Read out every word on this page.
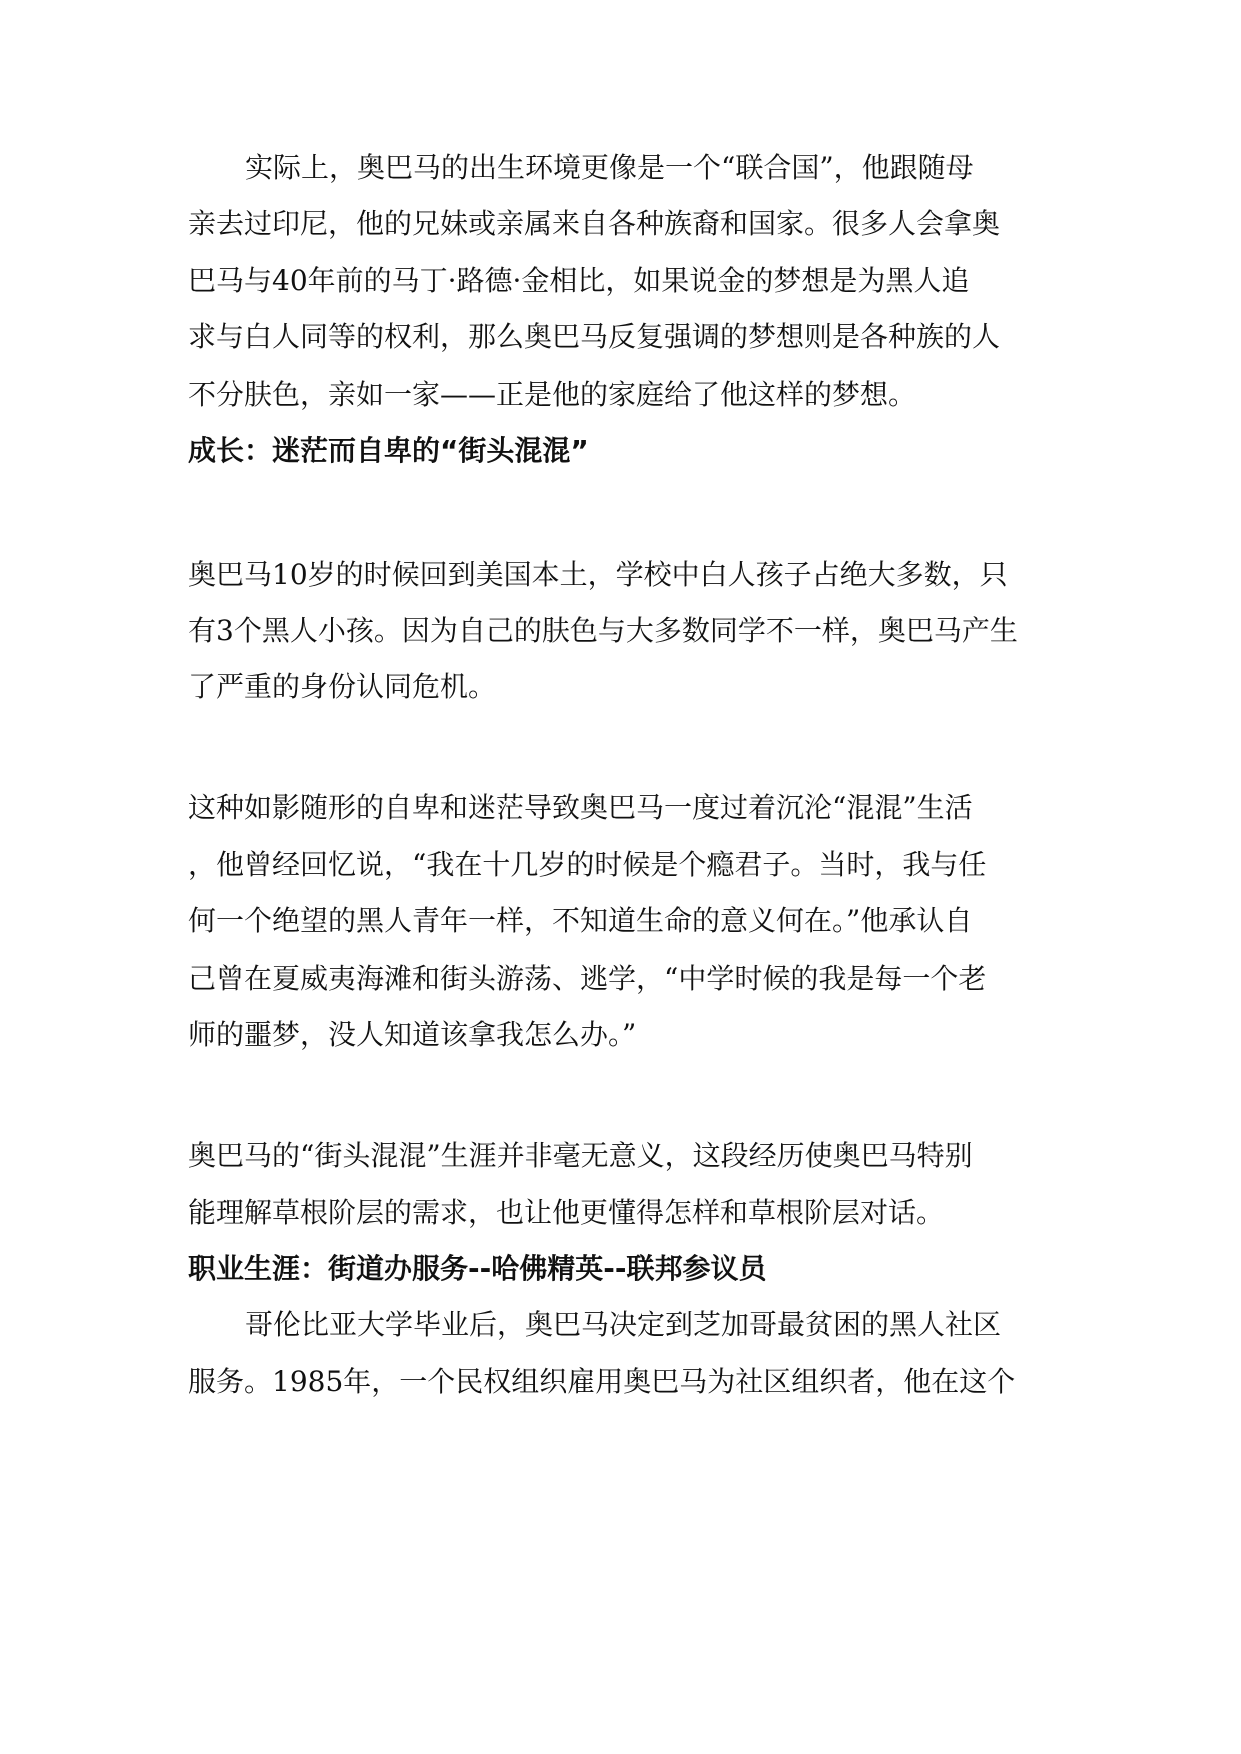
实际上，奥巴马的出生环境更像是一个“联合国”，他跟随母
亲去过印尼，他的兄妹或亲属来自各种族裔和国家。很多人会拿奥
巴马与40年前的马丁·路德·金相比，如果说金的梦想是为黑人追
求与白人同等的权利，那么奥巴马反复强调的梦想则是各种族的人
不分肤色，亲如一家——正是他的家庭给了他这样的梦想。
成长：迷茫而自卑的“街头混混”
奥巴马10岁的时候回到美国本土，学校中白人孩子占绝大多数，只
有3个黑人小孩。因为自己的肤色与大多数同学不一样，奥巴马产生
了严重的身份认同危机。
这种如影随形的自卑和迷茫导致奥巴马一度过着沉沦“混混”生活
，他曾经回忆说，“我在十几岁的时候是个瘾君子。当时，我与任
何一个绝望的黑人青年一样，不知道生命的意义何在。”他承认自
己曾在夏威夷海滩和街头游荡、逃学，“中学时候的我是每一个老
师的噩梦，没人知道该拿我怎么办。”
奥巴马的“街头混混”生涯并非毫无意义，这段经历使奥巴马特别
能理解草根阶层的需求，也让他更懂得怎样和草根阶层对话。
职业生涯：街道办服务--哈佛精英--联邦参议员
哥伦比亚大学毕业后，奥巴马决定到芝加哥最贫困的黑人社区
服务。1985年，一个民权组织雇用奥巴马为社区组织者，他在这个
